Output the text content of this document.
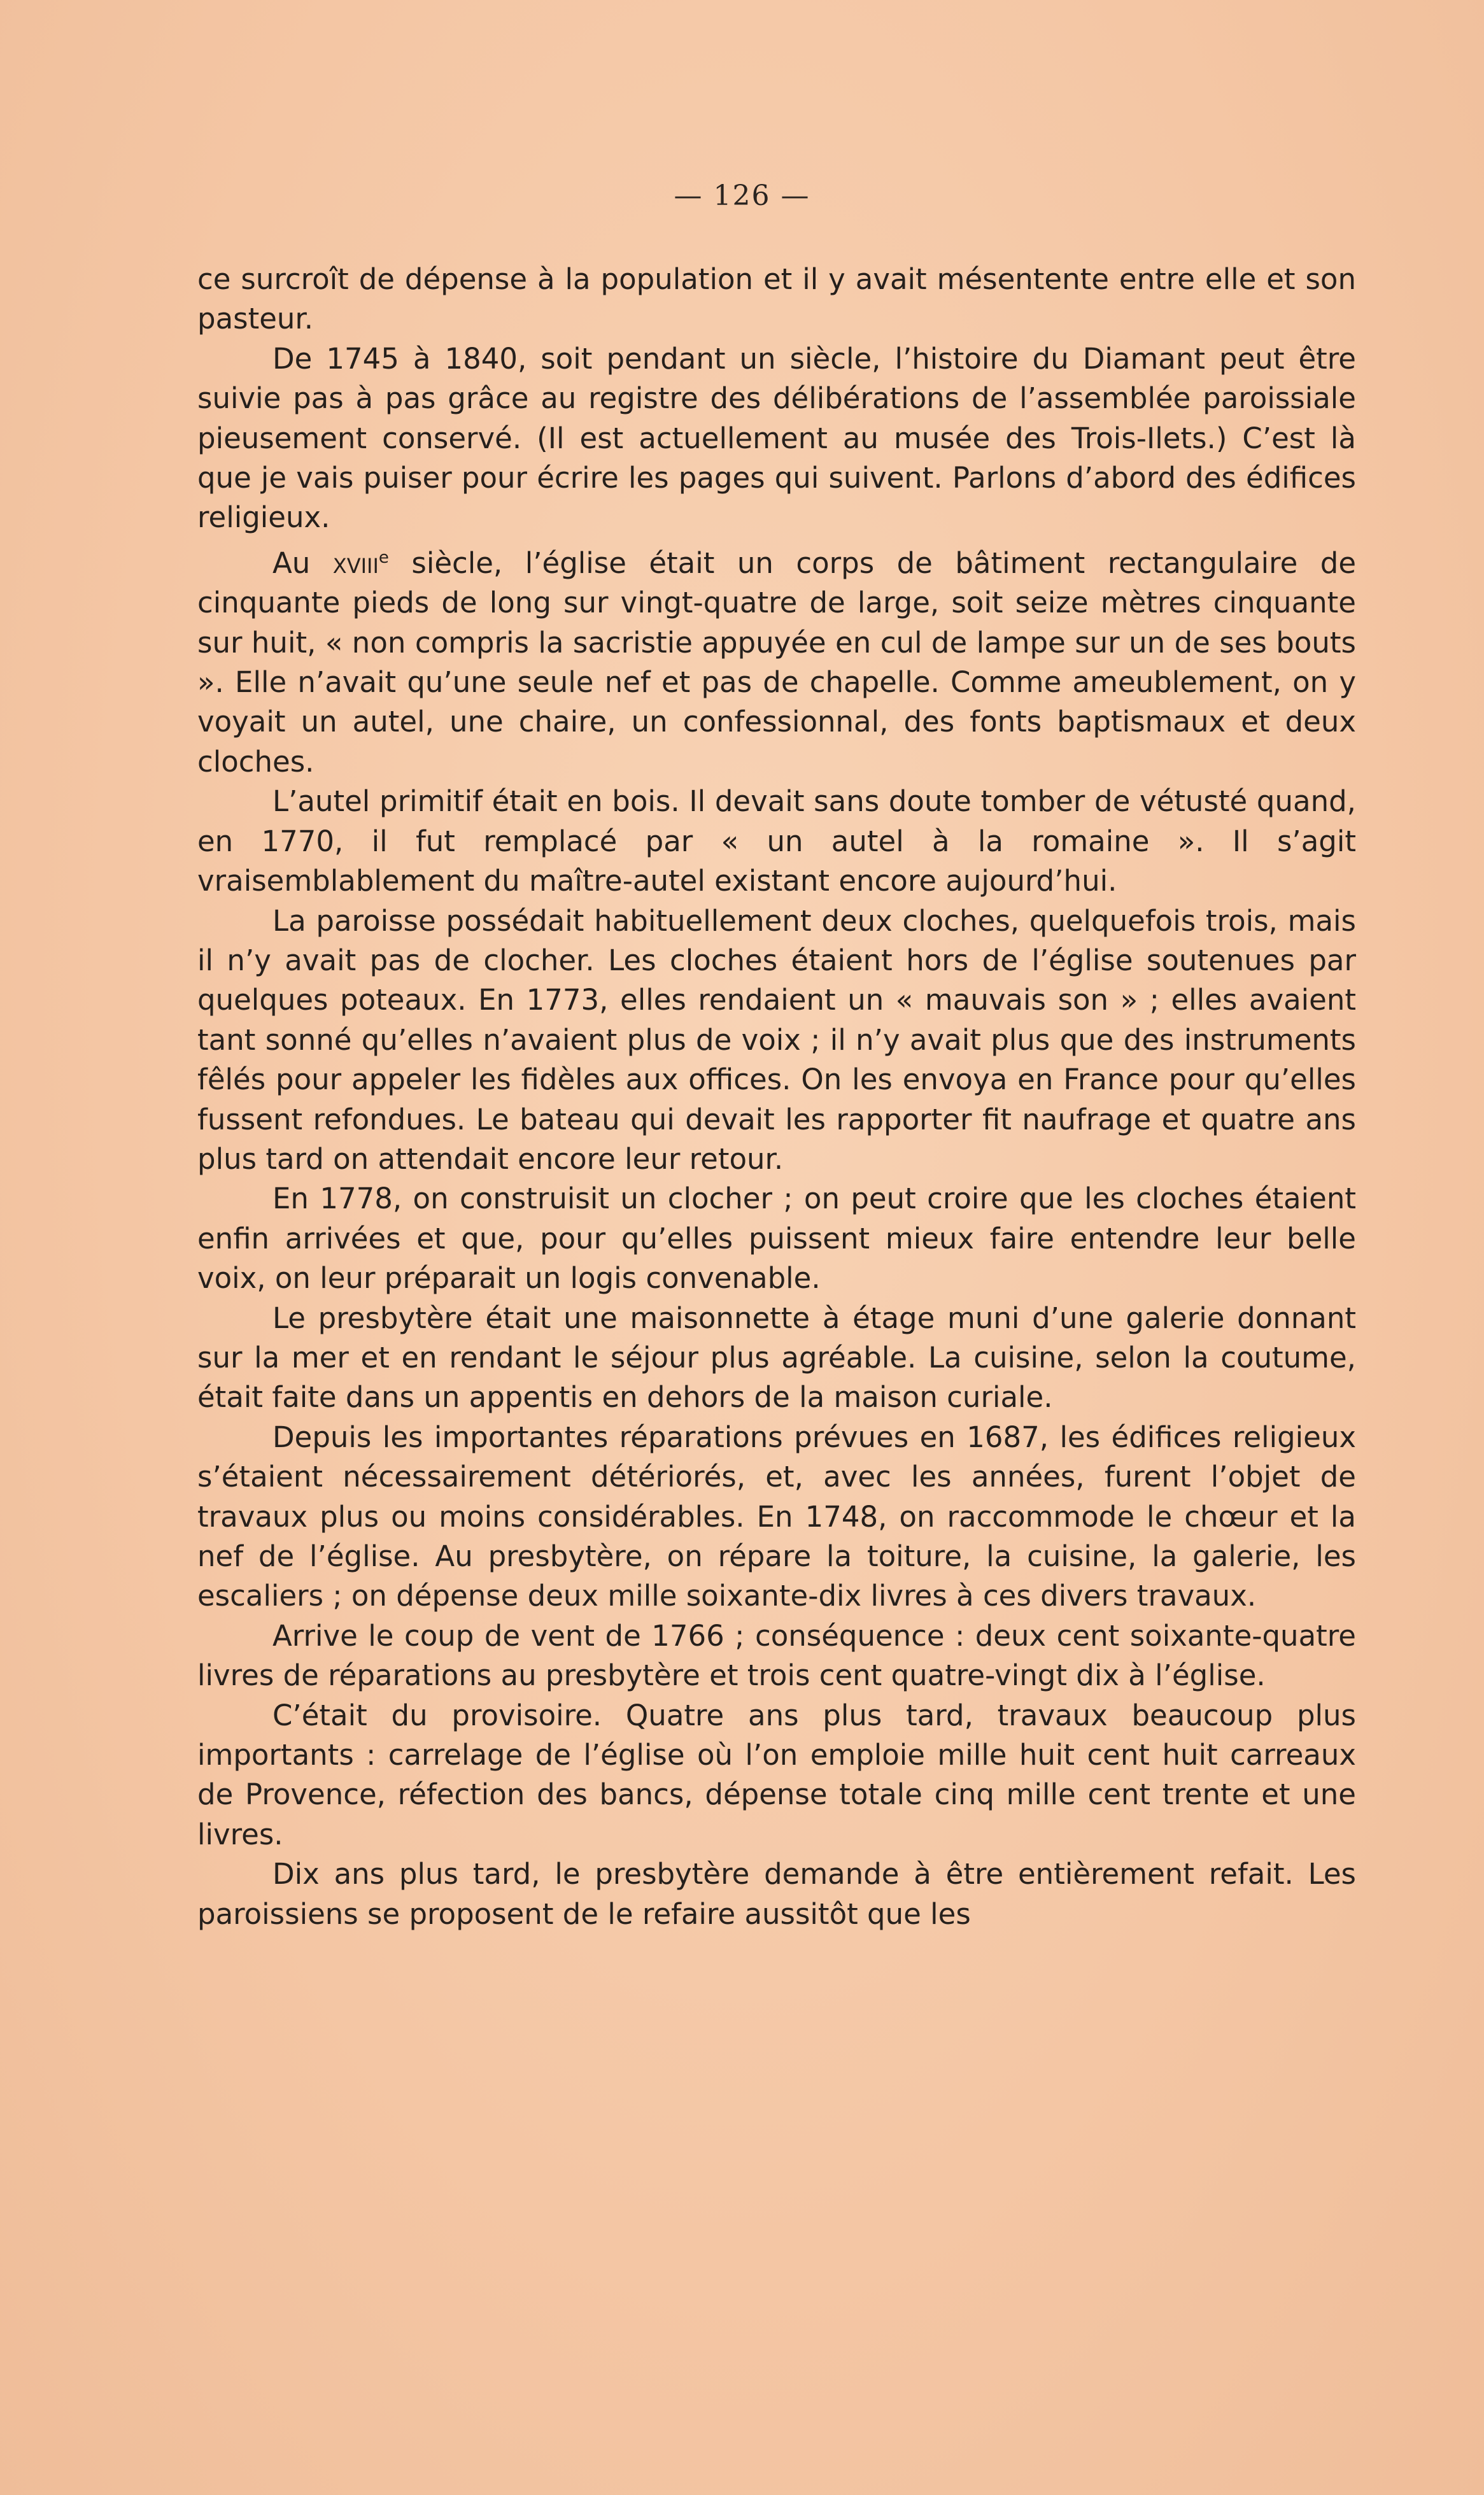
— 126 —

ce surcroît de dépense à la population et il y avait mésentente entre elle et son pasteur.

De 1745 à 1840, soit pendant un siècle, l’histoire du Diamant peut être suivie pas à pas grâce au registre des délibérations de l’assemblée paroissiale pieusement conservé. (Il est actuellement au musée des Trois-Ilets.) C’est là que je vais puiser pour écrire les pages qui suivent. Parlons d’abord des édifices religieux.

Au xviii$^e$ siècle, l’église était un corps de bâtiment rectangulaire de cinquante pieds de long sur vingt-quatre de large, soit seize mètres cinquante sur huit, « non compris la sacristie appuyée en cul de lampe sur un de ses bouts ». Elle n’avait qu’une seule nef et pas de chapelle. Comme ameublement, on y voyait un autel, une chaire, un confessionnal, des fonts baptismaux et deux cloches.

L’autel primitif était en bois. Il devait sans doute tomber de vétusté quand, en 1770, il fut remplacé par « un autel à la romaine ». Il s’agit vraisemblablement du maître-autel existant encore aujourd’hui.

La paroisse possédait habituellement deux cloches, quelquefois trois, mais il n’y avait pas de clocher. Les cloches étaient hors de l’église soutenues par quelques poteaux. En 1773, elles rendaient un « mauvais son » ; elles avaient tant sonné qu’elles n’avaient plus de voix ; il n’y avait plus que des instruments fêlés pour appeler les fidèles aux offices. On les envoya en France pour qu’elles fussent refondues. Le bateau qui devait les rapporter fit naufrage et quatre ans plus tard on attendait encore leur retour.

En 1778, on construisit un clocher ; on peut croire que les cloches étaient enfin arrivées et que, pour qu’elles puissent mieux faire entendre leur belle voix, on leur préparait un logis convenable.

Le presbytère était une maisonnette à étage muni d’une galerie donnant sur la mer et en rendant le séjour plus agréable. La cuisine, selon la coutume, était faite dans un appentis en dehors de la maison curiale.

Depuis les importantes réparations prévues en 1687, les édifices religieux s’étaient nécessairement détériorés, et, avec les années, furent l’objet de travaux plus ou moins considérables. En 1748, on raccommode le chœur et la nef de l’église. Au presbytère, on répare la toiture, la cuisine, la galerie, les escaliers ; on dépense deux mille soixante-dix livres à ces divers travaux.

Arrive le coup de vent de 1766 ; conséquence : deux cent soixante-quatre livres de réparations au presbytère et trois cent quatre-vingt dix à l’église.

C’était du provisoire. Quatre ans plus tard, travaux beaucoup plus importants : carrelage de l’église où l’on emploie mille huit cent huit carreaux de Provence, réfection des bancs, dépense totale cinq mille cent trente et une livres.

Dix ans plus tard, le presbytère demande à être entièrement refait. Les paroissiens se proposent de le refaire aussitôt que les
